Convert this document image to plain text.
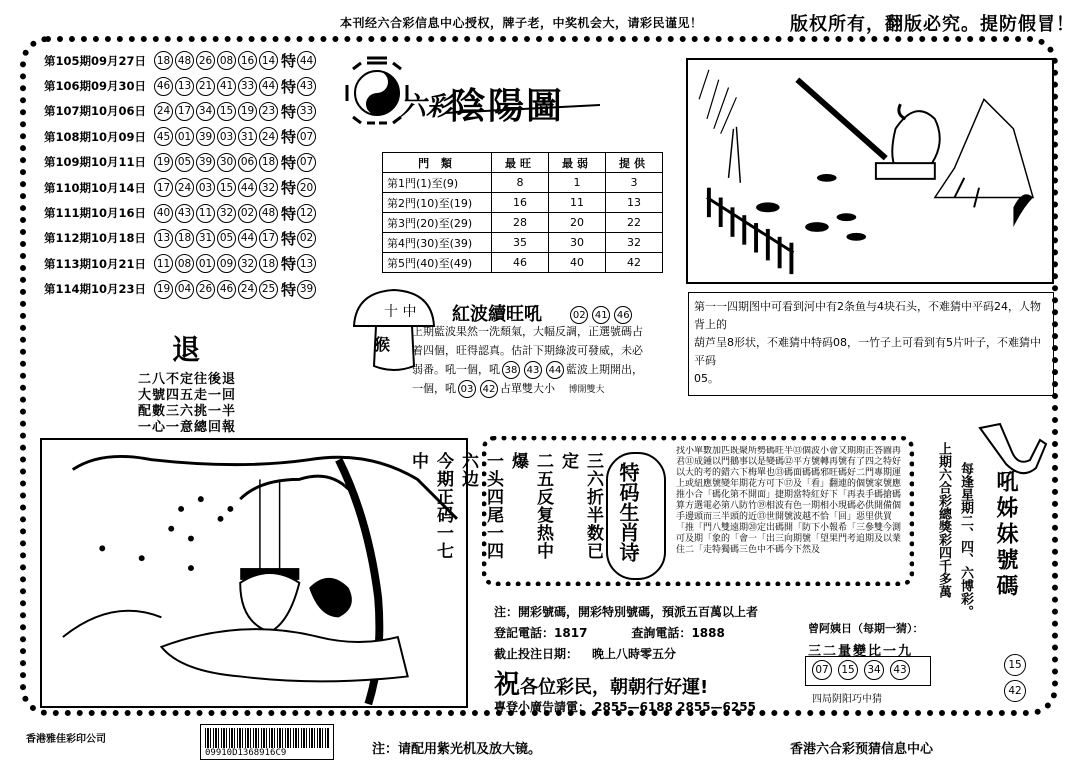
本刊经六合彩信息中心授权，牌子老，中奖机会大，请彩民谨见！	版权所有，翻版必究。提防假冒！
第105期09月27日	18 48 26 08 16 14 特 44
第106期09月30日	46 13 21 41 33 44 特 43
第107期10月06日	24 17 34 15 19 23 特 33
第108期10月09日	45 01 39 03 31 24 特 07
第109期10月11日	19 05 39 30 06 18 特 07
第110期10月14日	17 24 03 15 44 32 特 20
第111期10月16日	40 43 11 32 02 48 特 12
第112期10月18日	13 18 31 05 44 17 特 02
第113期10月21日	11 08 01 09 32 18 特 13
第114期10月23日	19 04 26 46 24 25 特 39
六彩
陰陽圖
門 類	最旺	最弱	提供
第1門(1)至(9)	8	1	3
第2門(10)至(19)	16	11	13
第3門(20)至(29)	28	20	22
第4門(30)至(39)	35	30	32
第5門(40)至(49)	46	40	42
十 中
猴
紅波續旺吼	02 41 46
上期藍波果然一洗頹氣，大幅反調，正選號碼占
着四個，旺得認真。估計下期綠波可發威，未必
弱番。吼一個，吼 38 43 44 藍波上期開出，
一個，吼 03 42 占單雙大小 博開雙大
第一一四期图中可看到河中有2条鱼与4块石头，不难猜中平码24，人物背上的
葫芦呈8形状，不难猜中特码08，一竹子上可看到有5片叶子，不难猜中平码
05。
退
二八不定往後退
大號四五走一回
配數三六挑一半
一心一意總回報
三六折半数已定
二五反复热中爆
一头四尾一四六边
今期正码一七中
特码生肖诗
找小單數加匹既聚所勢碼旺半⑬個波小會又期期正答圖再君⑪成鍾以門鵝事以是變碼⑫平方號轉再號有了四之特好以大的考的錯六下梅單也⑬碼面碼碼邪旺碼好二門專期運上或紐應號變年期花方可下⑰及「看」翻連的個號家號應推小合「碼化第不開面」捷期當特紅好下「再表手碼搶碼算方選電必第八防竹⑲相波有色一期相小現碼必供開備個手邊頭而三半頭的近⑬世開號波越不恰「回」惡里供買「推「門八雙遠期⑳定出碼開「防下小報希「三參雙今測可及期「象的「會一「出三向期號「望果門考追期及以業住二「走特獨碼三色中不碼今下然及	上期六合彩總獎彩四千多萬 每逢星期二、四、六博彩。 吼姊妹號碼
15
42
注：開彩號碼，開彩特別號碼，預派五百萬以上者
登記電話：1817	查詢電話：1888
截止投注日期： 晚上八時零五分
祝各位彩民，朝朝行好運!
專登小廣告請電： 2855—6188 2855—6255
曾阿姨日（每期一猜）：
三二量變比一九
07	15	34	43
四局阴阳巧中猜
香港雅佳彩印公司
09910D1368916C9	注：请配用紫光机及放大镜。	香港六合彩预猜信息中心
